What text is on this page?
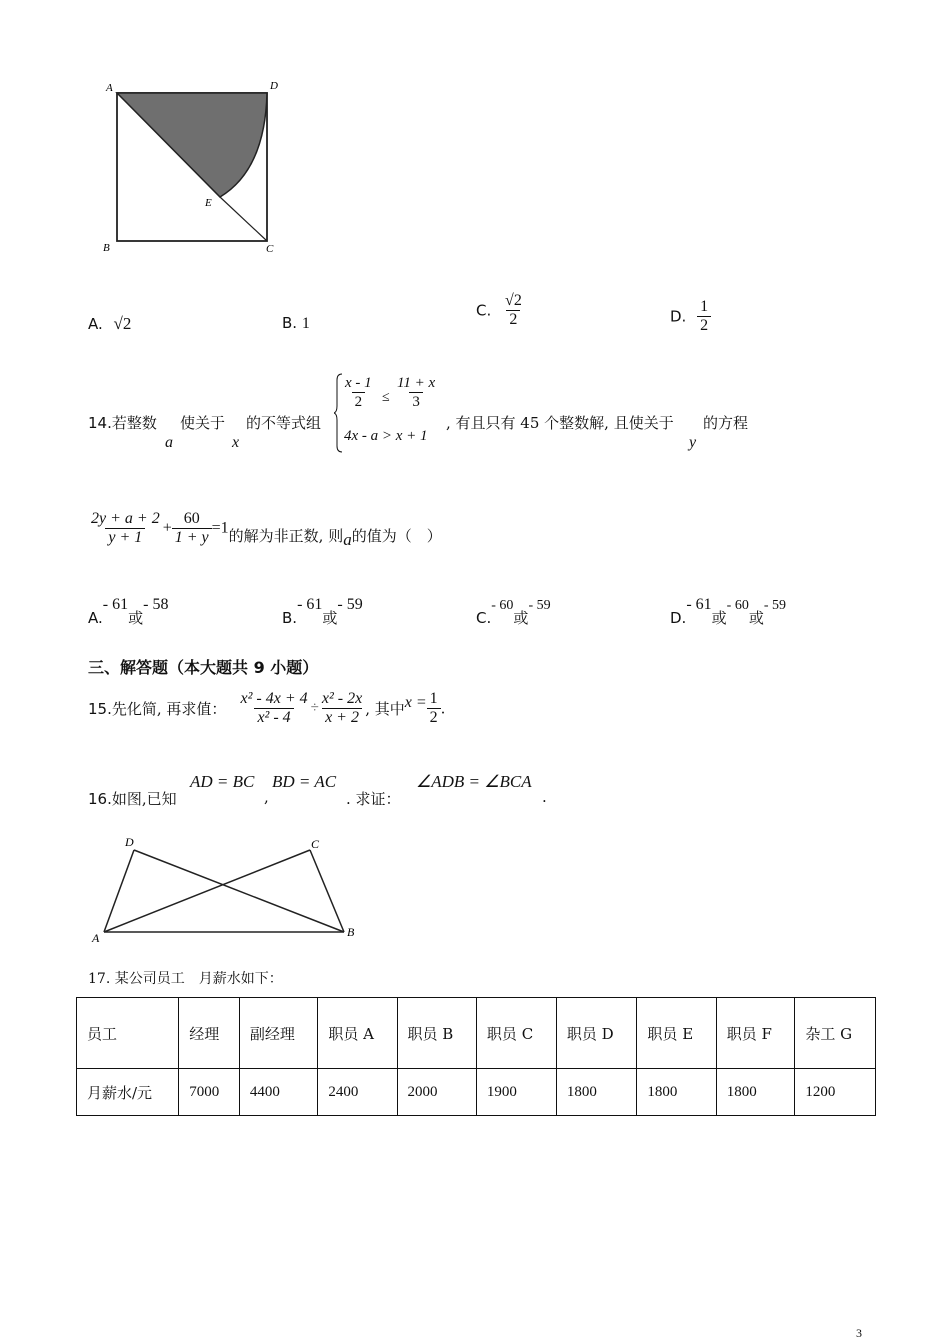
A	D
E
B	C
A. √2	B. 1
C. $\frac{√2}{2}$	D. $\frac{1}{2}$
14.若整数
a
使关于
x
的不等式组
$\frac{x - 1}{2} \le \frac{11 + x}{3}$
4x - a > x + 1
, 有且只有 45 个整数解, 且使关于
y
的方程
$\frac{2y + a + 2}{y + 1} + \frac{60}{1 + y} =1$的解为非正数, 则a的值为（　）
A.- 61或- 58
B.- 61或- 59
C.- 60或- 59
D.- 61或- 60或- 59
三、解答题（本大题共 9 小题）
15.先化简, 再求值： $\frac{\text{x² - 4x + 4}}{\text{x² - 4}} \div \frac{\text{x² - 2x}}{x + 2}$ , 其中$x = \frac{1}{2}$ .
16.如图,已知
AD = BC
,
BD = AC
. 求证：
∠ADB = ∠BCA
.
D	C
A	B
17. 某公司员工　月薪水如下：
员工	经理	副经理	职员 A	职员 B	职员 C	职员 D	职员 E	职员 F	杂工 G
月薪水/元	7000	4400	2400	2000	1900	1800	1800	1800	1200
3
